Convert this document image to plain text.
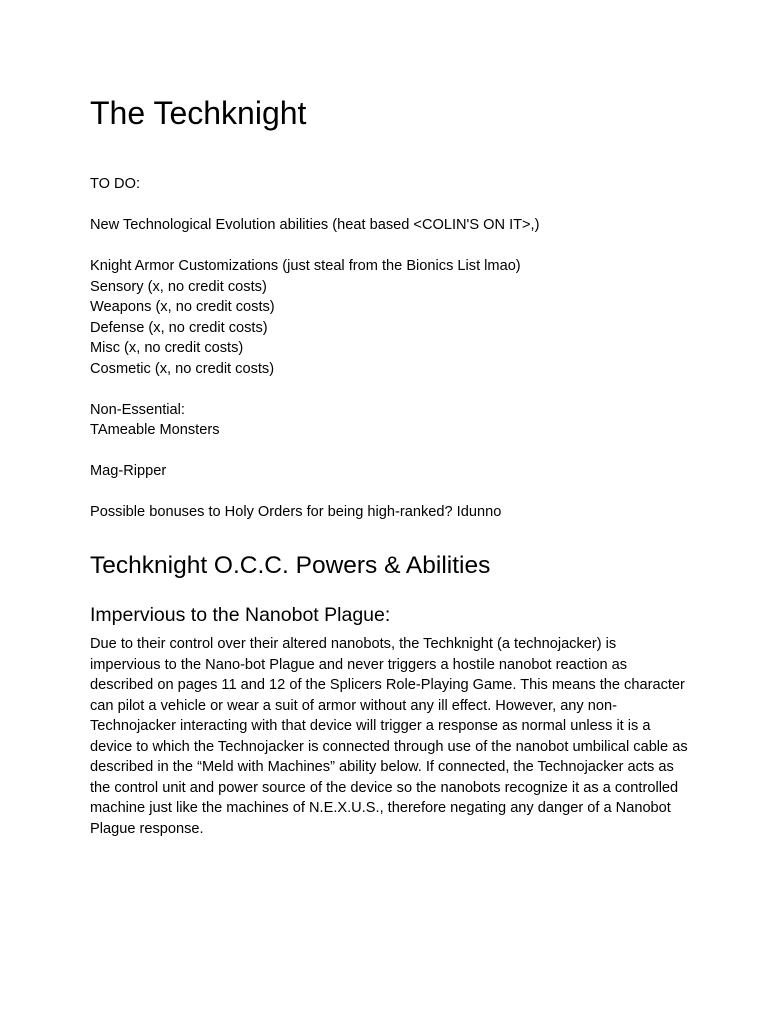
The Techknight
TO DO:
New Technological Evolution abilities (heat based <COLIN'S ON IT>,)
Knight Armor Customizations (just steal from the Bionics List lmao)
Sensory (x, no credit costs)
Weapons (x, no credit costs)
Defense (x, no credit costs)
Misc (x, no credit costs)
Cosmetic (x, no credit costs)
Non-Essential:
TAmeable Monsters
Mag-Ripper
Possible bonuses to Holy Orders for being high-ranked? Idunno
Techknight O.C.C. Powers & Abilities
Impervious to the Nanobot Plague:

Due to their control over their altered nanobots, the Techknight (a technojacker) is impervious to the Nano-bot Plague and never triggers a hostile nanobot reaction as described on pages 11 and 12 of the Splicers Role-Playing Game. This means the character can pilot a vehicle or wear a suit of armor without any ill effect. However, any non-Technojacker interacting with that device will trigger a response as normal unless it is a device to which the Technojacker is connected through use of the nanobot umbilical cable as described in the “Meld with Machines” ability below. If connected, the Technojacker acts as the control unit and power source of the device so the nanobots recognize it as a controlled machine just like the machines of N.E.X.U.S., therefore negating any danger of a Nanobot Plague response.
